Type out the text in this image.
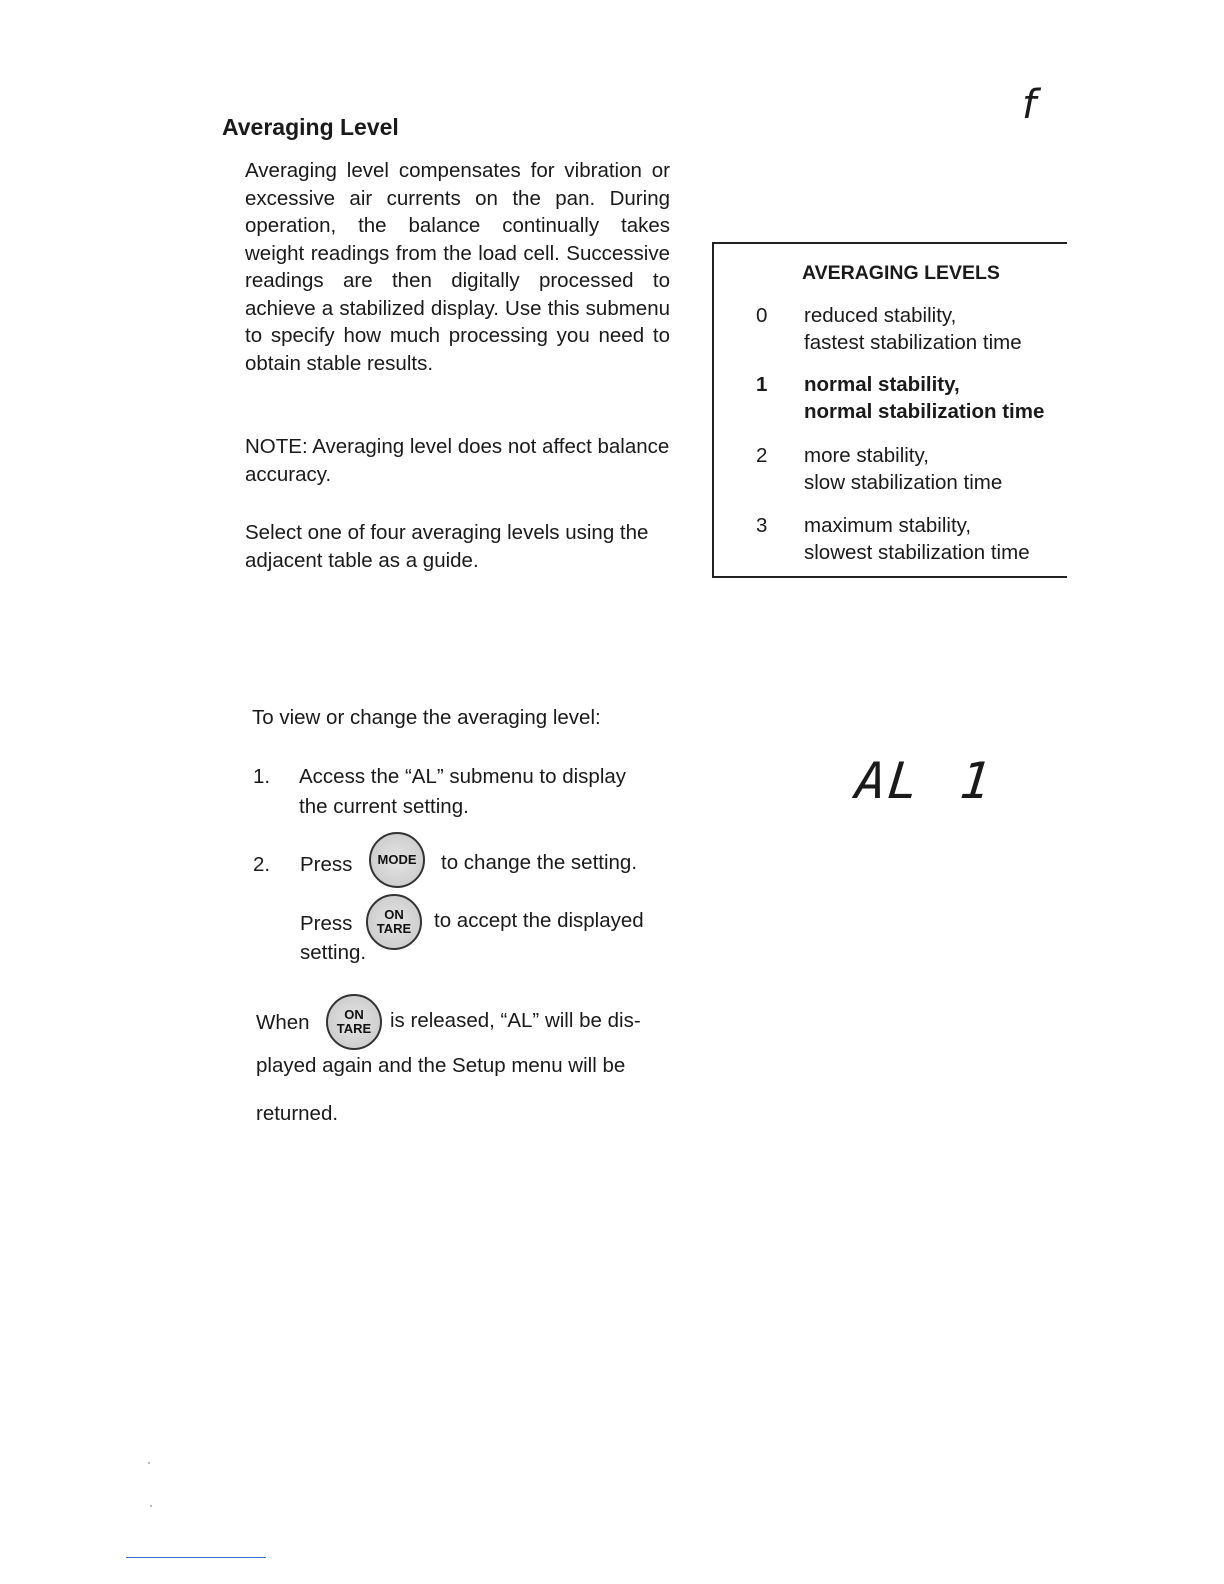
Averaging Level	f
Averaging level compensates for vibration or excessive air currents on the pan. During operation, the balance continually takes weight readings from the load cell. Successive readings are then digitally processed to achieve a stabilized display. Use this submenu to specify how much processing you need to obtain stable results.
NOTE: Averaging level does not affect balance accuracy.
Select one of four averaging levels using the adjacent table as a guide.
AVERAGING LEVELS
0 reduced stability,
fastest stabilization time
1 normal stability,
normal stabilization time
2 more stability,
slow stabilization time
3 maximum stability,
slowest stabilization time
To view or change the averaging level:
1. Access the “AL” submenu to display
the current setting.
2. Press MODE to change the setting.
Press ON
TARE to accept the displayed
setting.
When	ON
TARE is released, “AL” will be dis-
played again and the Setup menu will be
returned.
AL 1
